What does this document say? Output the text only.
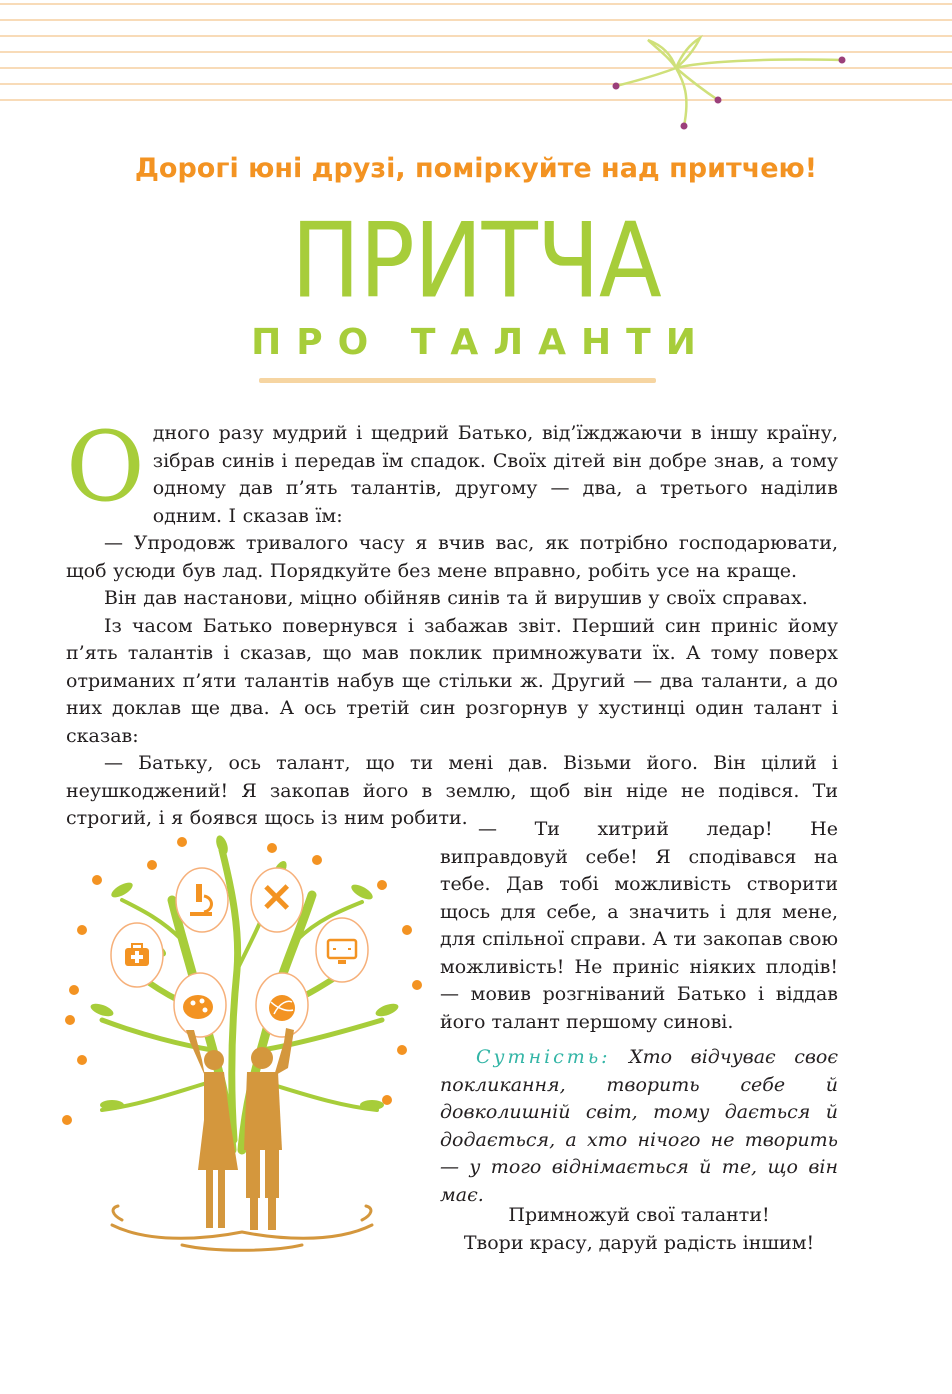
Дорогі юні друзі, поміркуйте над притчею!
ПРИТЧА
ПРО ТАЛАНТИ
О дного разу мудрий і щедрий Батько, від’їжджаючи в іншу країну, зібрав синів і передав їм спадок. Своїх дітей він добре знав, а тому одному дав п’ять талантів, другому — два, а третього наділив одним. І сказав їм:

— Упродовж тривалого часу я вчив вас, як потрібно господарювати, щоб усюди був лад. Порядкуйте без мене вправно, робіть усе на краще.

Він дав настанови, міцно обійняв синів та й вирушив у своїх справах.

Із часом Батько повернувся і забажав звіт. Перший син приніс йому п’ять талантів і сказав, що мав поклик примножувати їх. А тому поверх отриманих п’яти талантів набув ще стільки ж. Другий — два таланти, а до них доклав ще два. А ось третій син розгорнув у хустинці один талант і сказав:

— Батьку, ось талант, що ти мені дав. Візьми його. Він цілий і неушкоджений! Я закопав його в землю, щоб він ніде не подівся. Ти строгий, і я боявся щось із ним робити. — Ти хитрий ледар! Не виправдовуй себе! Я сподівався на тебе. Дав тобі можливість створити щось для себе, а значить і для мене, для спільної справи. А ти закопав свою можливість! Не приніс ніяких плодів! — мовив розгніваний Батько і віддав його талант першому синові.

Сутність: Хто відчуває своє покликання, творить себе й довколишній світ, тому дається й додається, а хто нічого не творить — у того віднімається й те, що він має.
Примножуй свої таланти!
Твори красу, даруй радість іншим!
